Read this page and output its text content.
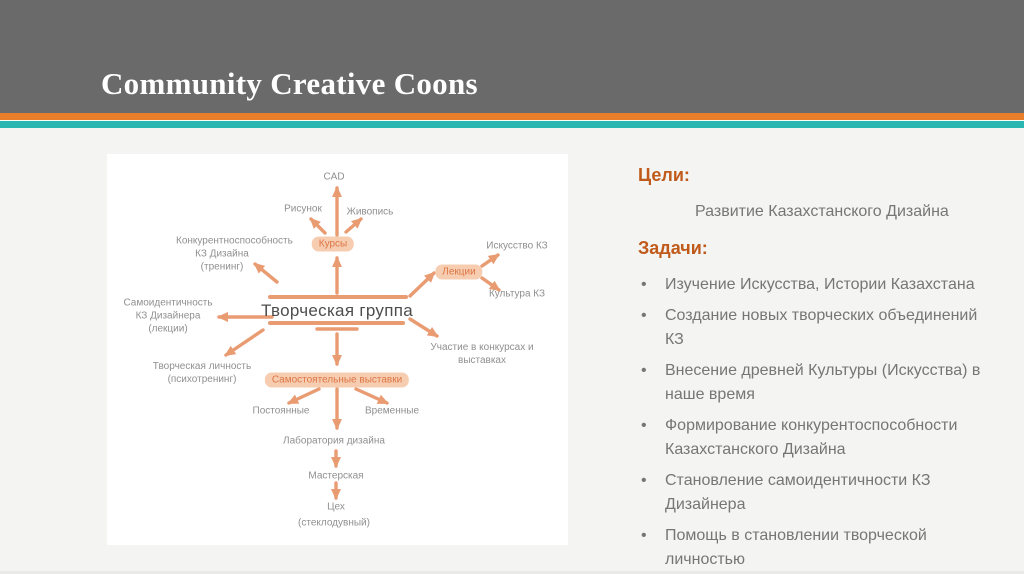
Community Creative Coons
CAD
Рисунок Живопись
Курсы
Конкурентноспособность КЗ Дизайна (тренинг)
Искусство КЗ
Лекции
Культура КЗ
Самоидентичность КЗ Дизайнера (лекции)
Творческая группа
Участие в конкурсах и выставках
Творческая личность (психотренинг)	Самостоятельные выставки
Постоянные	Временные
Лаборатория дизайна
Мастерская
Цех
(стеклодувный)
Цели:

Развитие Казахстанского Дизайна

Задачи:
• Изучение Искусства, Истории Казахстана
• Создание новых творческих объединений КЗ
• Внесение древней Культуры (Искусства) в наше время
• Формирование конкурентоспособности Казахстанского Дизайна
• Становление самоидентичности КЗ Дизайнера
• Помощь в становлении творческой личностью
